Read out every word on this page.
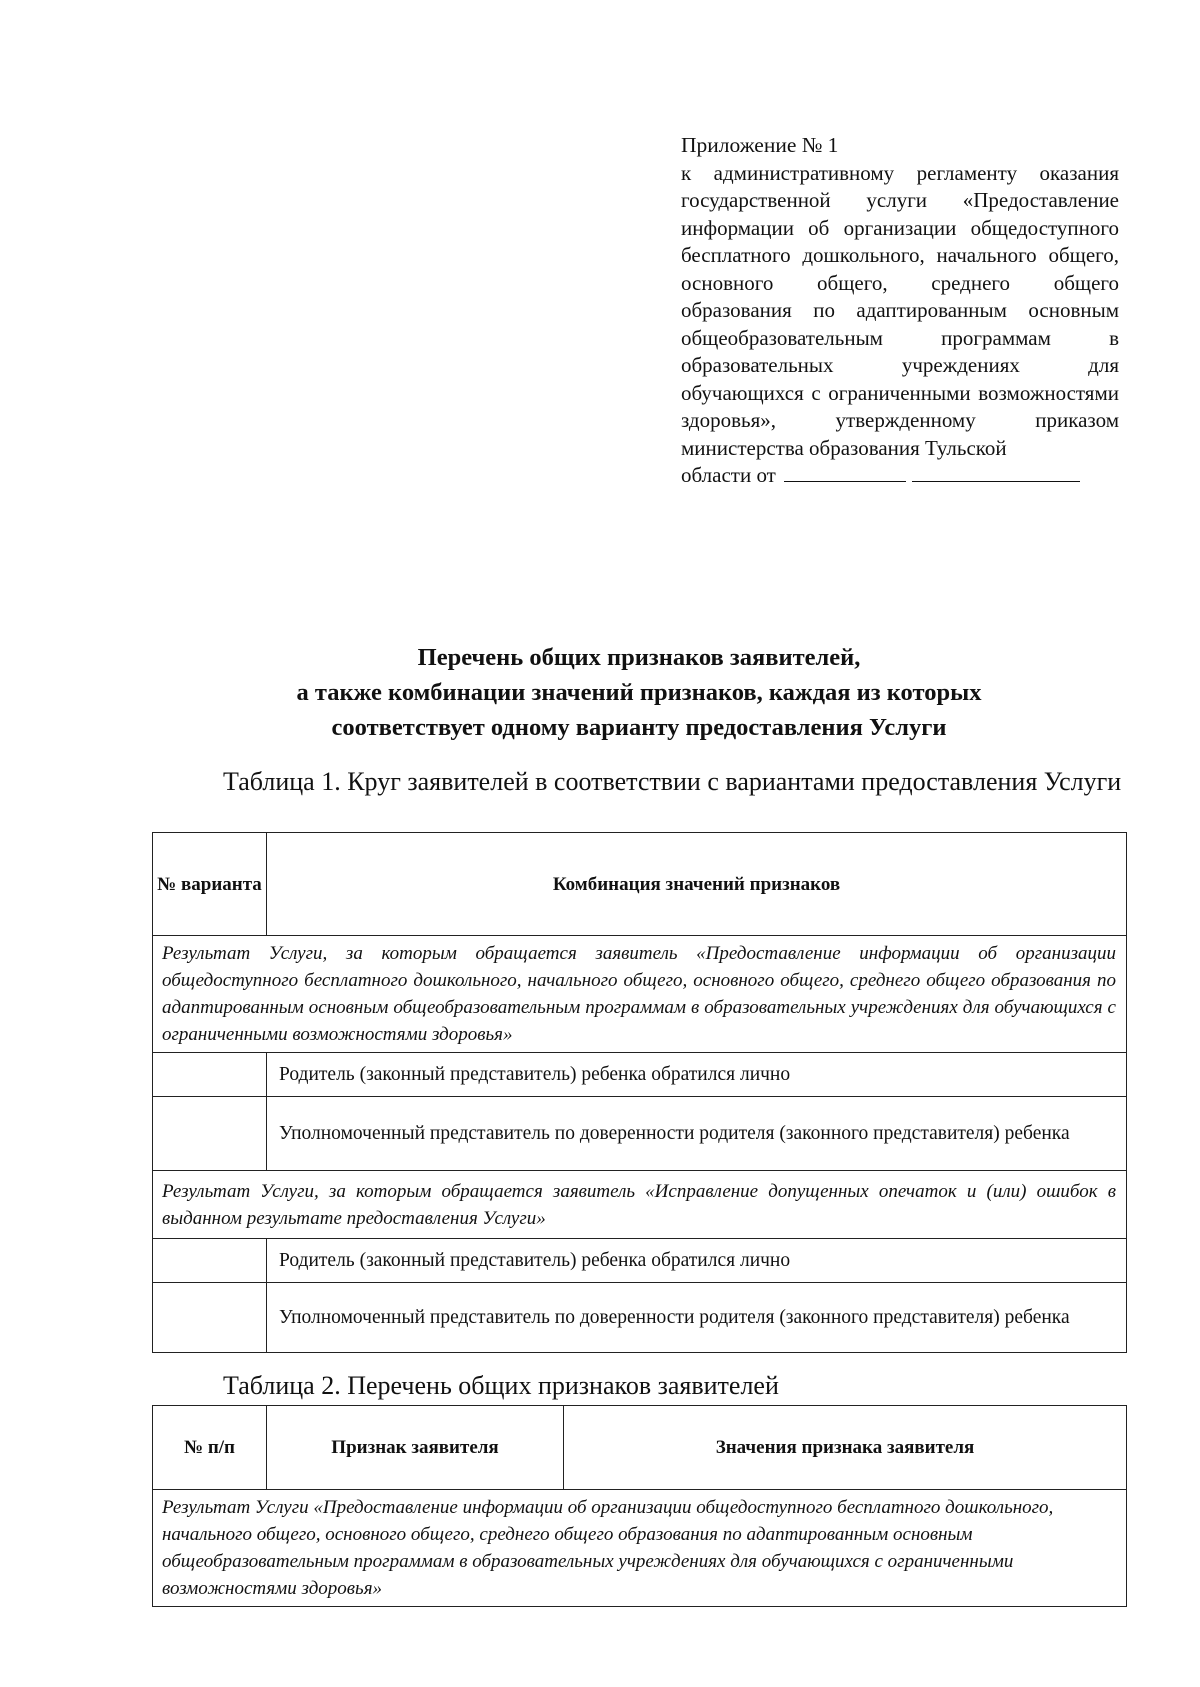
Приложение № 1
к административному регламенту оказания государственной услуги «Предоставление информации об организации общедоступного бесплатного дошкольного, начального общего, основного общего, среднего общего образования по адаптированным основным общеобразовательным программам в образовательных учреждениях для обучающихся с ограниченными возможностями здоровья», утвержденному приказом министерства образования Тульской
области от
Перечень общих признаков заявителей,
а также комбинации значений признаков, каждая из которых
соответствует одному варианту предоставления Услуги
Таблица 1. Круг заявителей в соответствии с вариантами предоставления Услуги
№ варианта	Комбинация значений признаков
Результат Услуги, за которым обращается заявитель «Предоставление информации об организации общедоступного бесплатного дошкольного, начального общего, основного общего, среднего общего образования по адаптированным основным общеобразовательным программам в образовательных учреждениях для обучающихся с ограниченными возможностями здоровья»	
	Родитель (законный представитель) ребенка обратился лично
	Уполномоченный представитель по доверенности родителя (законного представителя) ребенка
Результат Услуги, за которым обращается заявитель «Исправление допущенных опечаток и (или) ошибок в выданном результате предоставления Услуги»	
	Родитель (законный представитель) ребенка обратился лично
	Уполномоченный представитель по доверенности родителя (законного представителя) ребенка
Таблица 2. Перечень общих признаков заявителей
№ п/п	Признак заявителя	Значения признака заявителя
Результат Услуги «Предоставление информации об организации общедоступного бесплатного дошкольного, начального общего, основного общего, среднего общего образования по адаптированным основным общеобразовательным программам в образовательных учреждениях для обучающихся с ограниченными возможностями здоровья»
